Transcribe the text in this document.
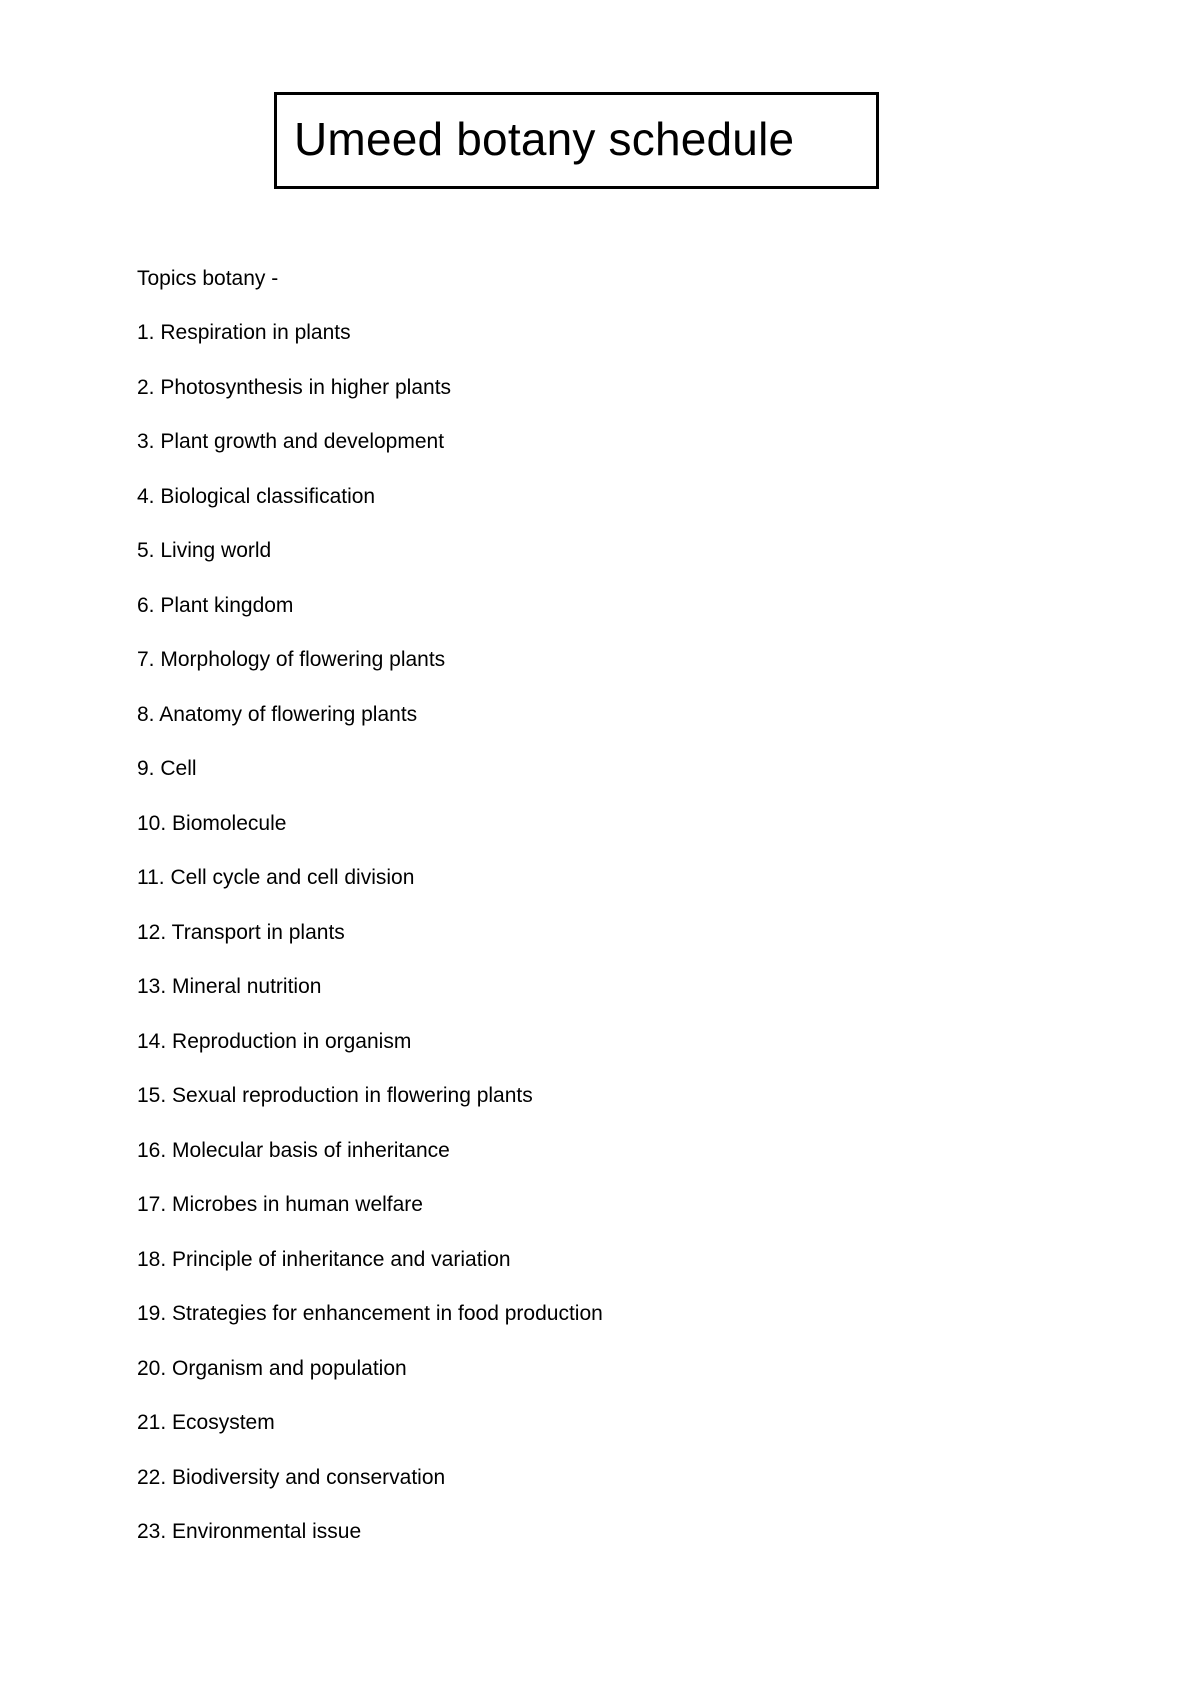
Umeed botany schedule
Topics botany -
1. Respiration in plants
2. Photosynthesis in higher plants
3. Plant growth and development
4. Biological classification
5. Living world
6. Plant kingdom
7. Morphology of flowering plants
8. Anatomy of flowering plants
9. Cell
10. Biomolecule
11. Cell cycle and cell division
12. Transport in plants
13. Mineral nutrition
14. Reproduction in organism
15. Sexual reproduction in flowering plants
16. Molecular basis of inheritance
17. Microbes in human welfare
18. Principle of inheritance and variation
19. Strategies for enhancement in food production
20. Organism and population
21. Ecosystem
22. Biodiversity and conservation
23. Environmental issue
